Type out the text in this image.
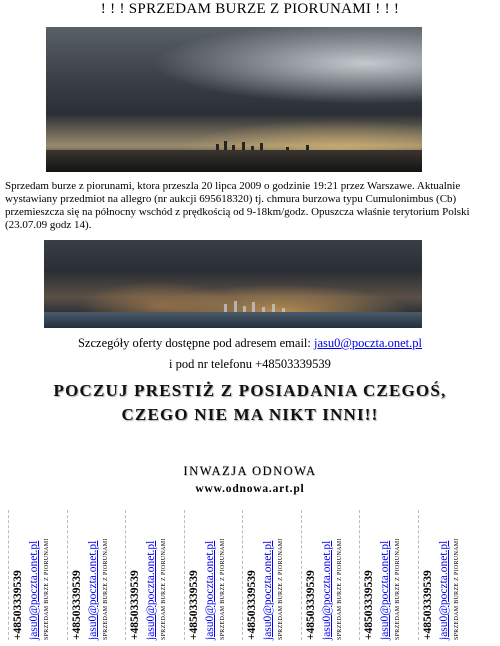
! ! ! SPRZEDAM BURZE Z PIORUNAMI ! ! !
Sprzedam burze z piorunami, ktora przeszla 20 lipca 2009 o godzinie 19:21 przez Warszawe. Aktualnie wystawiany przedmiot na allegro (nr aukcji 695618320) tj. chmura burzowa typu Cumulonimbus (Cb) przemieszcza się na północny wschód z prędkością od 9-18km/godz. Opuszcza właśnie terytorium Polski (23.07.09 godz 14).
Szczegóły oferty dostępne pod adresem email: jasu0@poczta.onet.pl
i pod nr telefonu +48503339539
POCZUJ PRESTIŻ Z POSIADANIA CZEGOŚ, CZEGO NIE MA NIKT INNI!!
INWAZJA ODNOWA
www.odnowa.art.pl
+48503339539 jasu0@poczta.onet.pl SPRZEDAM BURZE Z PIORUNAMI +48503339539 jasu0@poczta.onet.pl SPRZEDAM BURZE Z PIORUNAMI +48503339539 jasu0@poczta.onet.pl SPRZEDAM BURZE Z PIORUNAMI +48503339539 jasu0@poczta.onet.pl SPRZEDAM BURZE Z PIORUNAMI +48503339539 jasu0@poczta.onet.pl SPRZEDAM BURZE Z PIORUNAMI +48503339539 jasu0@poczta.onet.pl SPRZEDAM BURZE Z PIORUNAMI +48503339539 jasu0@poczta.onet.pl SPRZEDAM BURZE Z PIORUNAMI +48503339539 jasu0@poczta.onet.pl SPRZEDAM BURZE Z PIORUNAMI
